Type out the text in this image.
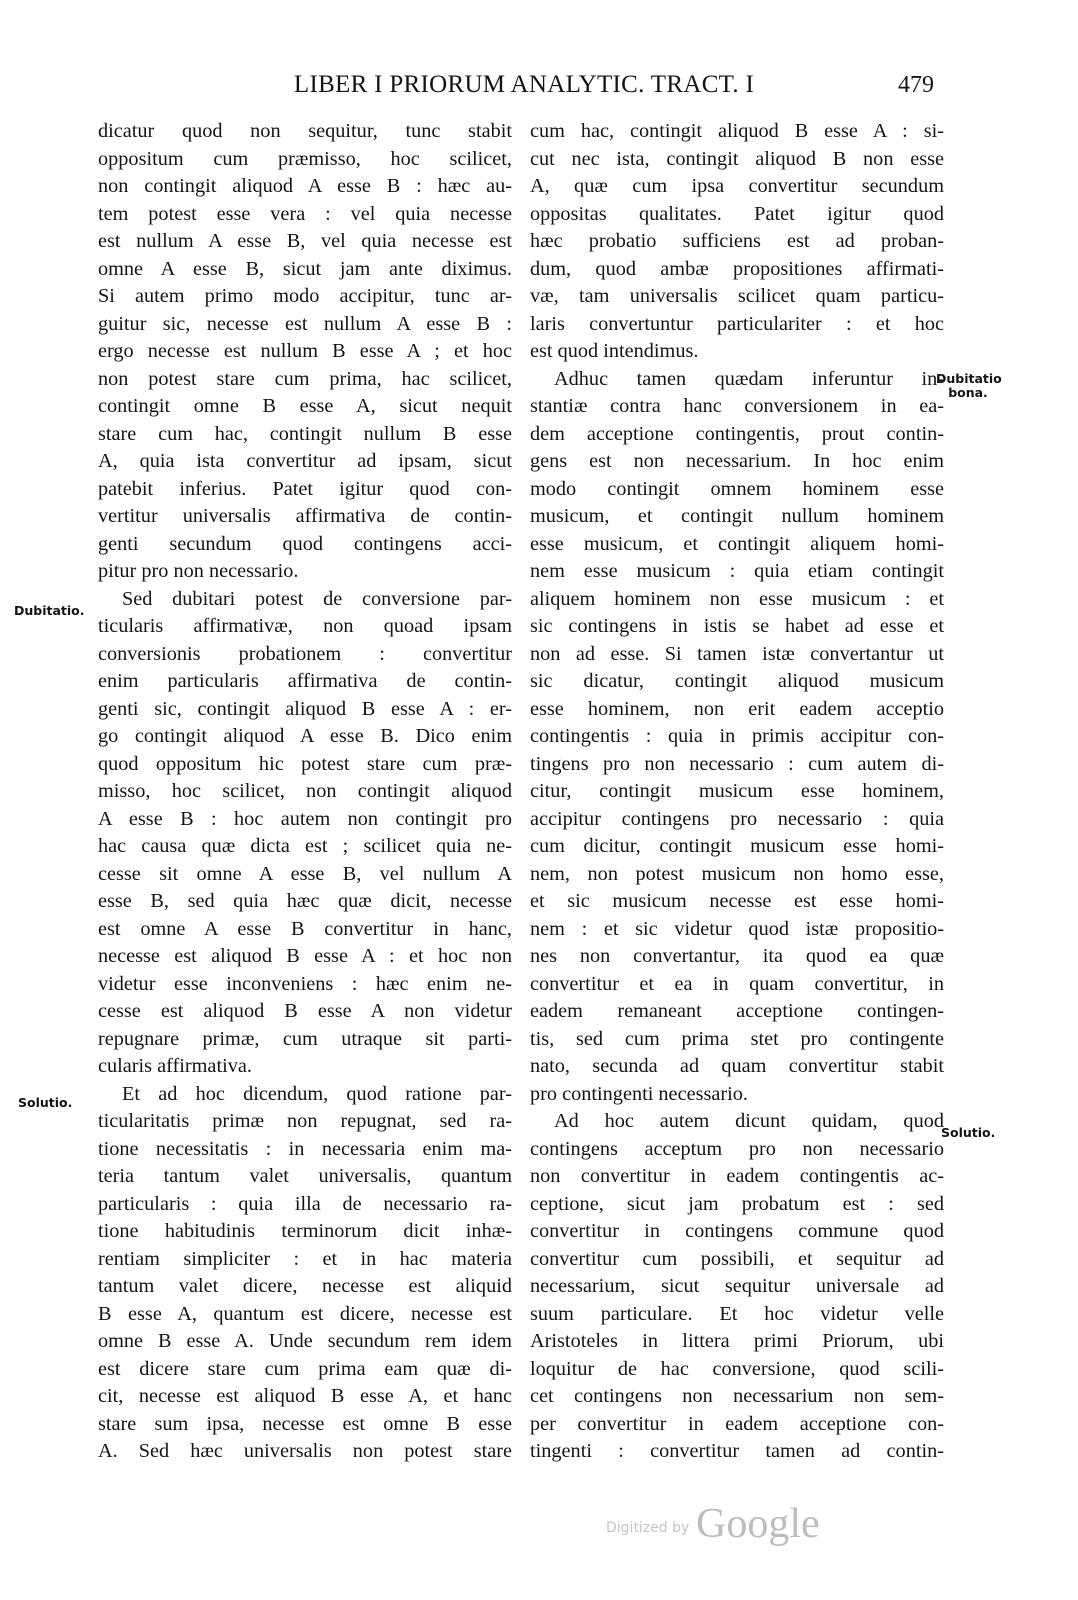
LIBER I PRIORUM ANALYTIC. TRACT. I	479
Dubitatio.
Solutio.
Dubitatio
bona.
Solutio.
dicatur quod non sequitur, tunc stabit
oppositum cum præmisso, hoc scilicet,
non contingit aliquod A esse B : hæc au-
tem potest esse vera : vel quia necesse
est nullum A esse B, vel quia necesse est
omne A esse B, sicut jam ante diximus.
Si autem primo modo accipitur, tunc ar-
guitur sic, necesse est nullum A esse B :
ergo necesse est nullum B esse A ; et hoc
non potest stare cum prima, hac scilicet,
contingit omne B esse A, sicut nequit
stare cum hac, contingit nullum B esse
A, quia ista convertitur ad ipsam, sicut
patebit inferius. Patet igitur quod con-
vertitur universalis affirmativa de contin-
genti secundum quod contingens acci-
pitur pro non necessario.
Sed dubitari potest de conversione par-
ticularis affirmativæ, non quoad ipsam
conversionis probationem : convertitur
enim particularis affirmativa de contin-
genti sic, contingit aliquod B esse A : er-
go contingit aliquod A esse B. Dico enim
quod oppositum hic potest stare cum præ-
misso, hoc scilicet, non contingit aliquod
A esse B : hoc autem non contingit pro
hac causa quæ dicta est ; scilicet quia ne-
cesse sit omne A esse B, vel nullum A
esse B, sed quia hæc quæ dicit, necesse
est omne A esse B convertitur in hanc,
necesse est aliquod B esse A : et hoc non
videtur esse inconveniens : hæc enim ne-
cesse est aliquod B esse A non videtur
repugnare primæ, cum utraque sit parti-
cularis affirmativa.
Et ad hoc dicendum, quod ratione par-
ticularitatis primæ non repugnat, sed ra-
tione necessitatis : in necessaria enim ma-
teria tantum valet universalis, quantum
particularis : quia illa de necessario ra-
tione habitudinis terminorum dicit inhæ-
rentiam simpliciter : et in hac materia
tantum valet dicere, necesse est aliquid
B esse A, quantum est dicere, necesse est
omne B esse A. Unde secundum rem idem
est dicere stare cum prima eam quæ di-
cit, necesse est aliquod B esse A, et hanc
stare sum ipsa, necesse est omne B esse
A. Sed hæc universalis non potest stare
cum hac, contingit aliquod B esse A : si-
cut nec ista, contingit aliquod B non esse
A, quæ cum ipsa convertitur secundum
oppositas qualitates. Patet igitur quod
hæc probatio sufficiens est ad proban-
dum, quod ambæ propositiones affirmati-
væ, tam universalis scilicet quam particu-
laris convertuntur particulariter : et hoc
est quod intendimus.
Adhuc tamen quædam inferuntur in-
stantiæ contra hanc conversionem in ea-
dem acceptione contingentis, prout contin-
gens est non necessarium. In hoc enim
modo contingit omnem hominem esse
musicum, et contingit nullum hominem
esse musicum, et contingit aliquem homi-
nem esse musicum : quia etiam contingit
aliquem hominem non esse musicum : et
sic contingens in istis se habet ad esse et
non ad esse. Si tamen istæ convertantur ut
sic dicatur, contingit aliquod musicum
esse hominem, non erit eadem acceptio
contingentis : quia in primis accipitur con-
tingens pro non necessario : cum autem di-
citur, contingit musicum esse hominem,
accipitur contingens pro necessario : quia
cum dicitur, contingit musicum esse homi-
nem, non potest musicum non homo esse,
et sic musicum necesse est esse homi-
nem : et sic videtur quod istæ propositio-
nes non convertantur, ita quod ea quæ
convertitur et ea in quam convertitur, in
eadem remaneant acceptione contingen-
tis, sed cum prima stet pro contingente
nato, secunda ad quam convertitur stabit
pro contingenti necessario.
Ad hoc autem dicunt quidam, quod
contingens acceptum pro non necessario
non convertitur in eadem contingentis ac-
ceptione, sicut jam probatum est : sed
convertitur in contingens commune quod
convertitur cum possibili, et sequitur ad
necessarium, sicut sequitur universale ad
suum particulare. Et hoc videtur velle
Aristoteles in littera primi Priorum, ubi
loquitur de hac conversione, quod scili-
cet contingens non necessarium non sem-
per convertitur in eadem acceptione con-
tingenti : convertitur tamen ad contin-
Digitized by Google
